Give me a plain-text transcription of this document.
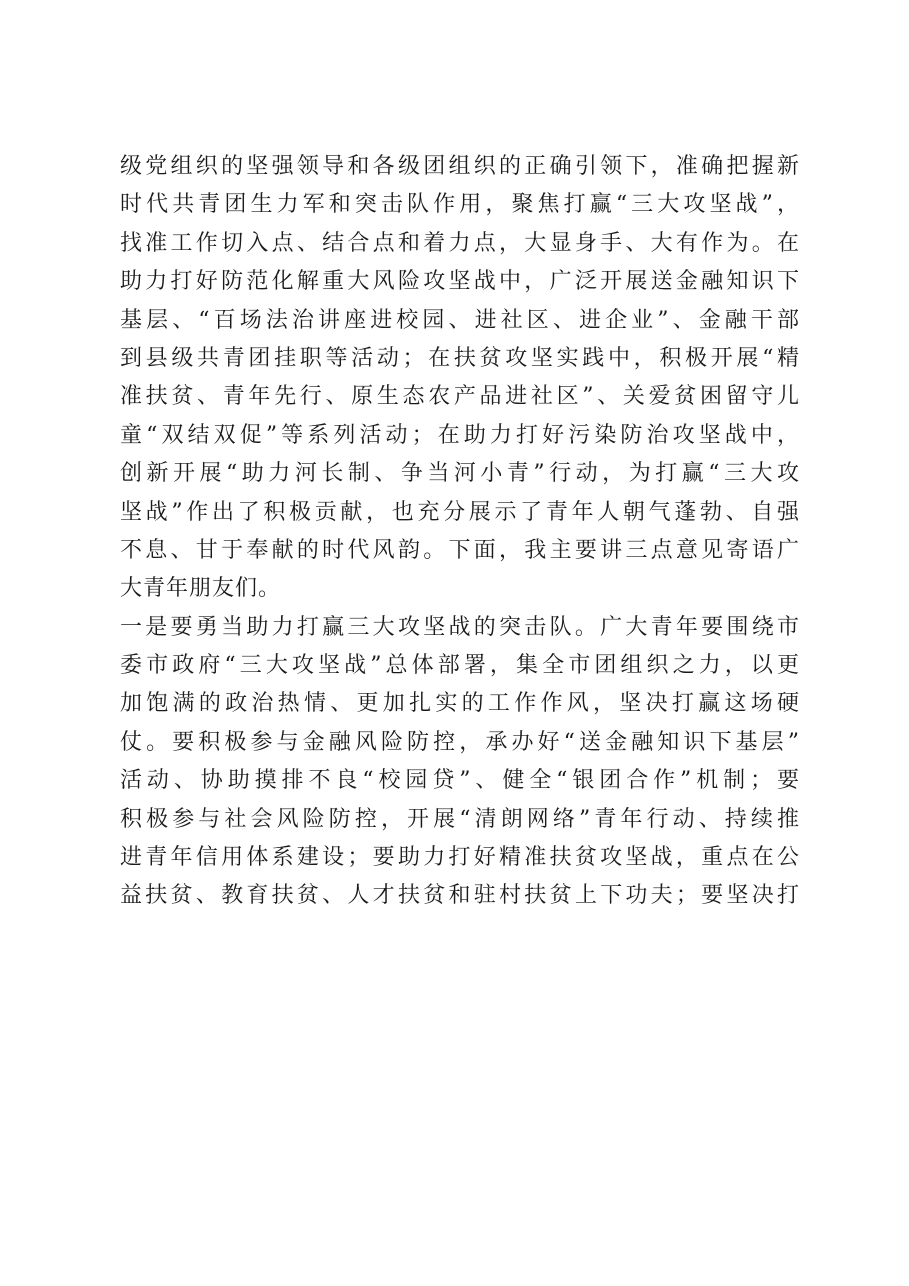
级党组织的坚强领导和各级团组织的正确引领下，准确把握新
时代共青团生力军和突击队作用，聚焦打赢“三大攻坚战”，
找准工作切入点、结合点和着力点，大显身手、大有作为。在
助力打好防范化解重大风险攻坚战中，广泛开展送金融知识下
基层、“百场法治讲座进校园、进社区、进企业”、金融干部
到县级共青团挂职等活动；在扶贫攻坚实践中，积极开展“精
准扶贫、青年先行、原生态农产品进社区”、关爱贫困留守儿
童“双结双促”等系列活动；在助力打好污染防治攻坚战中，
创新开展“助力河长制、争当河小青”行动，为打赢“三大攻
坚战”作出了积极贡献，也充分展示了青年人朝气蓬勃、自强
不息、甘于奉献的时代风韵。下面，我主要讲三点意见寄语广
大青年朋友们。
一是要勇当助力打赢三大攻坚战的突击队。广大青年要围绕市
委市政府“三大攻坚战”总体部署，集全市团组织之力，以更
加饱满的政治热情、更加扎实的工作作风，坚决打赢这场硬
仗。要积极参与金融风险防控，承办好“送金融知识下基层”
活动、协助摸排不良“校园贷”、健全“银团合作”机制；要
积极参与社会风险防控，开展“清朗网络”青年行动、持续推
进青年信用体系建设；要助力打好精准扶贫攻坚战，重点在公
益扶贫、教育扶贫、人才扶贫和驻村扶贫上下功夫；要坚决打
